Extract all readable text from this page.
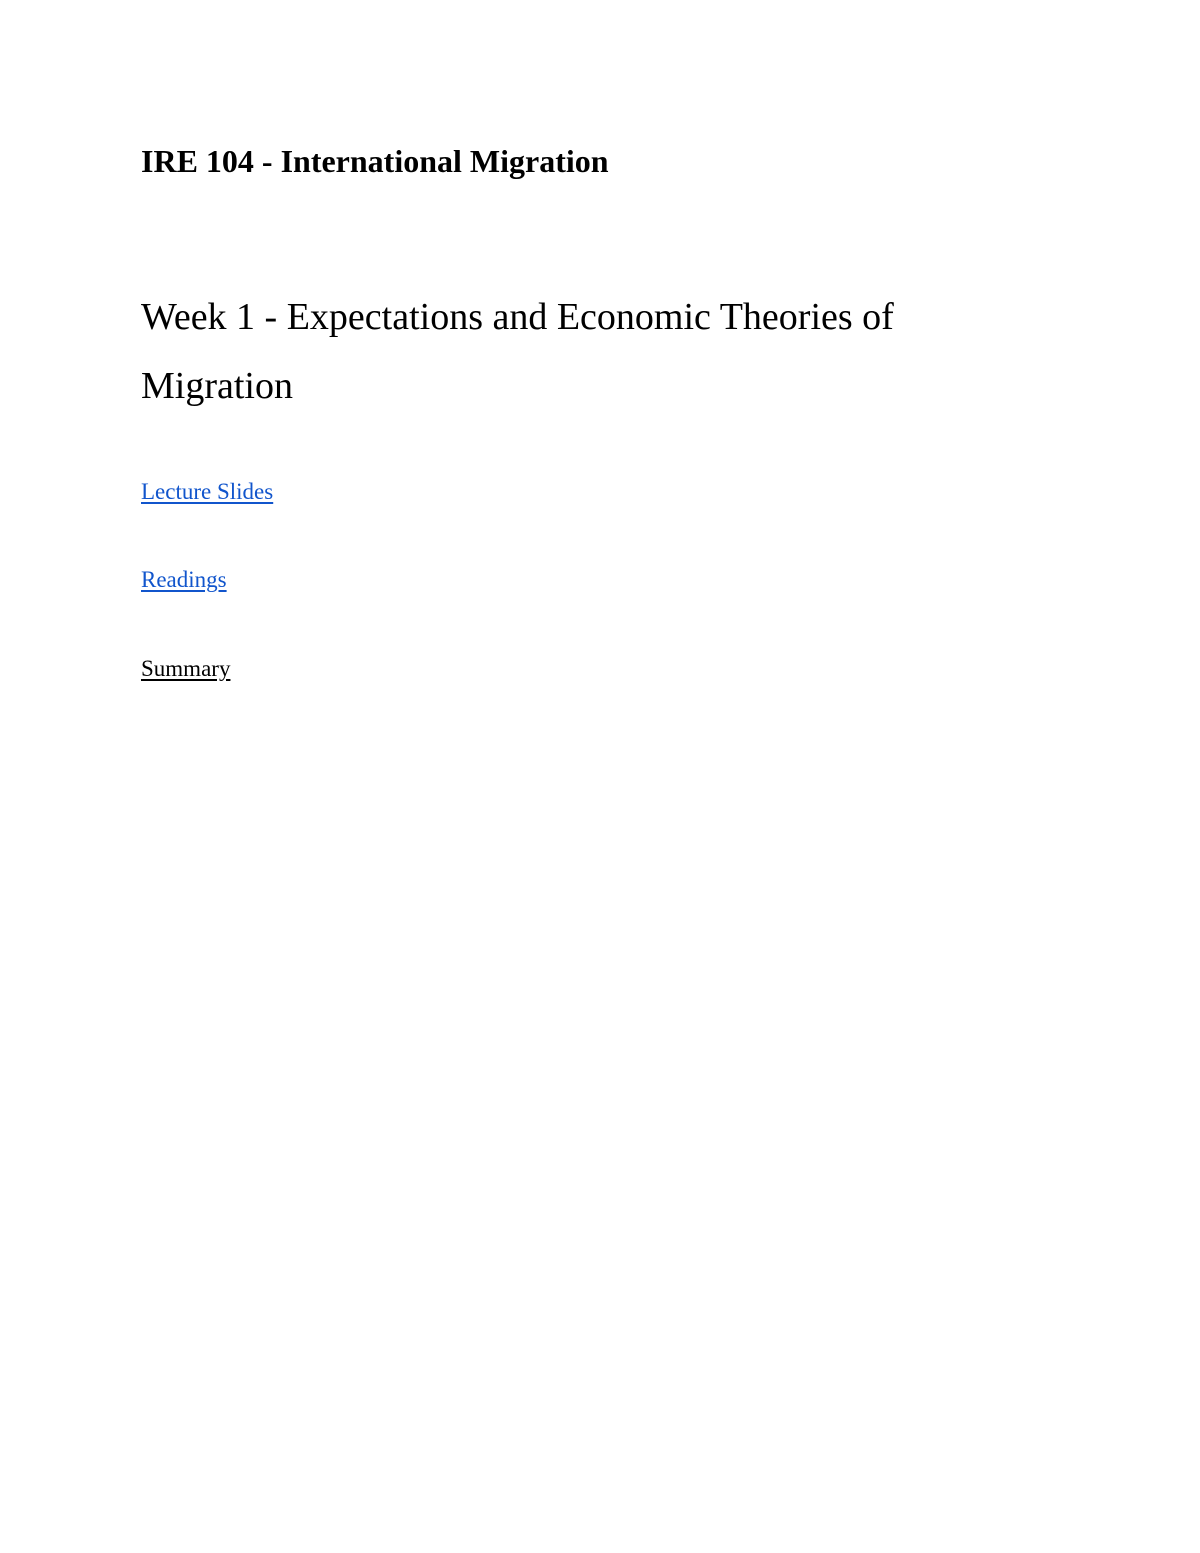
IRE 104 - International Migration
Week 1 - Expectations and Economic Theories of Migration
Lecture Slides
Readings
Summary
